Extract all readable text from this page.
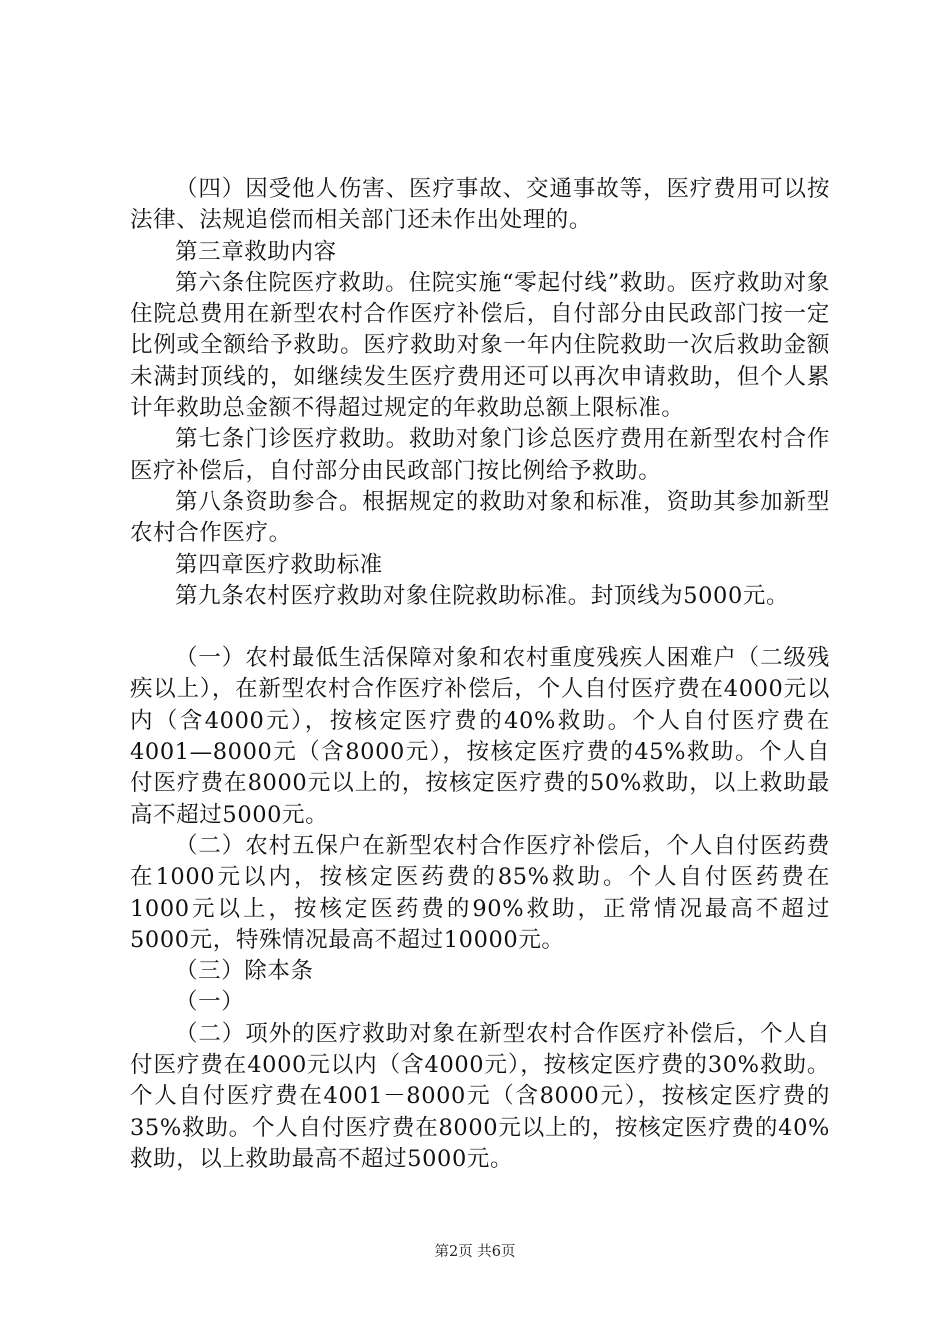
（四）因受他人伤害、医疗事故、交通事故等，医疗费用可以按法律、法规追偿而相关部门还未作出处理的。

第三章救助内容

第六条住院医疗救助。住院实施“零起付线”救助。医疗救助对象住院总费用在新型农村合作医疗补偿后，自付部分由民政部门按一定比例或全额给予救助。医疗救助对象一年内住院救助一次后救助金额未满封顶线的，如继续发生医疗费用还可以再次申请救助，但个人累计年救助总金额不得超过规定的年救助总额上限标准。

第七条门诊医疗救助。救助对象门诊总医疗费用在新型农村合作医疗补偿后，自付部分由民政部门按比例给予救助。

第八条资助参合。根据规定的救助对象和标准，资助其参加新型农村合作医疗。

第四章医疗救助标准

第九条农村医疗救助对象住院救助标准。封顶线为5000元。

（一）农村最低生活保障对象和农村重度残疾人困难户（二级残疾以上），在新型农村合作医疗补偿后，个人自付医疗费在4000元以内（含4000元），按核定医疗费的40%救助。个人自付医疗费在4001—8000元（含8000元），按核定医疗费的45%救助。个人自付医疗费在8000元以上的，按核定医疗费的50%救助，以上救助最高不超过5000元。

（二）农村五保户在新型农村合作医疗补偿后，个人自付医药费在1000元以内，按核定医药费的85%救助。个人自付医药费在1000元以上，按核定医药费的90%救助，正常情况最高不超过5000元，特殊情况最高不超过10000元。

（三）除本条

（一）

（二）项外的医疗救助对象在新型农村合作医疗补偿后，个人自付医疗费在4000元以内（含4000元），按核定医疗费的30%救助。个人自付医疗费在4001－8000元（含8000元），按核定医疗费的35%救助。个人自付医疗费在8000元以上的，按核定医疗费的40%救助，以上救助最高不超过5000元。

第2页 共6页
